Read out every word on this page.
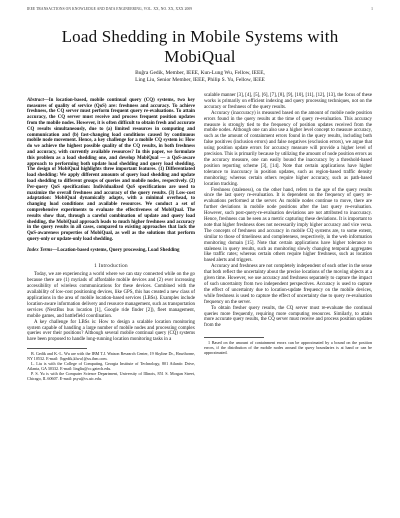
IEEE TRANSACTIONS ON KNOWLEDGE AND DATA ENGINEERING, VOL. XX, NO. XX, XXX 2009	1
Load Shedding in Mobile Systems with MobiQual
Buğra Gedik, Member, IEEE, Kun-Lung Wu, Fellow, IEEE,
Ling Liu, Senior Member, IEEE, Philip S. Yu, Fellow, IEEE

Abstract—In location-based, mobile continual query (CQ) systems, two key measures of quality of service (QoS) are: freshness and accuracy. To achieve freshness, the CQ server must perform frequent query re-evaluations. To attain accuracy, the CQ server must receive and process frequent position updates from the mobile nodes. However, it is often difficult to obtain fresh and accurate CQ results simultaneously, due to (a) limited resources in computing and communication and (b) fast-changing load conditions caused by continuous mobile node movement. Hence, a key challenge for a mobile CQ system is: How do we achieve the highest possible quality of the CQ results, in both freshness and accuracy, with currently available resources? In this paper, we formulate this problem as a load shedding one, and develop MobiQual — a QoS-aware approach to performing both update load shedding and query load shedding. The design of MobiQual highlights three important features. (1) Differentiated load shedding: We apply different amounts of query load shedding and update load shedding to different groups of queries and mobile nodes, respectively. (2) Per-query QoS specification: Individualized QoS specifications are used to maximize the overall freshness and accuracy of the query results. (3) Low-cost adaptation: MobiQual dynamically adapts, with a minimal overhead, to changing load conditions and available resources. We conduct a set of comprehensive experiments to evaluate the effectiveness of MobiQual. The results show that, through a careful combination of update and query load shedding, the MobiQual approach leads to much higher freshness and accuracy in the query results in all cases, compared to existing approaches that lack the QoS-awareness properties of MobiQual, as well as the solutions that perform query-only or update-only load shedding.

Index Terms—Location-based systems, Query processing, Load Shedding

1 Introduction

Today, we are experiencing a world where we can stay connected while on the go because there are (1) myriads of affordable mobile devices and (2) ever increasing accessibility of wireless communications for these devices. Combined with the availability of low-cost positioning devices, like GPS, this has created a new class of applications in the area of mobile location-based services (LBSs). Examples include location-aware information delivery and resource management, such as transportation services (NextBus bus location [1], Google ride finder [2]), fleet management, mobile games, and battlefield coordination.

A key challenge for LBSs is: How to design a scalable location monitoring system capable of handling a large number of mobile nodes and processing complex queries over their positions? Although several mobile continual query (CQ) systems have been proposed to handle long-running location monitoring tasks in a

B. Gedik and K.-L. Wu are with the IBM T.J. Watson Research Center, 19 Skyline Dr., Hawthorne, NY 10532. E-mail: {bgedik,klwu}@us.ibm.com.

L. Liu is with the College of Computing, Georgia Institute of Technology, 801 Atlantic Drive, Atlanta, GA 30332. E-mail: lingliu@cc.gatech.edu.

P. S. Yu is with the Computer Science Department, University of Illinois, 851 S. Morgan Street, Chicago, IL 60607. E-mail: psyu@cs.uic.edu.

scalable manner [3], [4], [5], [6], [7], [8], [9], [10], [11], [12], [13], the focus of these works is primarily on efficient indexing and query processing techniques, not on the accuracy or freshness of the query results.

Accuracy (inaccuracy) is measured based on the amount of mobile node position errors found in the query results at the time of query re-evaluation. This accuracy measure is strongly tied to the frequency of position updates received from the mobile nodes. Although one can also use a higher level concept to measure accuracy, such as the amount of containment errors found in the query results, including both false positives (inclusion errors) and false negatives (exclusion errors), we argue that using position update errors for accuracy measure will provide a higher level of precision. This is primarily because by utilizing the amount of node position errors as the accuracy measure, one can easily bound the inaccuracy by a threshold-based position reporting scheme [3], [14]. Note that certain applications have higher tolerance to inaccuracy in position updates, such as region-based traffic density monitoring; whereas certain others require higher accuracy, such as path-based location tracking.

Freshness (staleness), on the other hand, refers to the age of the query results since the last query re-evaluation. It is dependent on the frequency of query re-evaluations performed at the server. As mobile nodes continue to move, there are further deviations in mobile node positions after the last query re-evaluation. However, such post-query-re-evaluation deviations are not attributed to inaccuracy. Hence, freshness can be seen as a metric capturing these deviations. It is important to note that higher freshness does not necessarily imply higher accuracy and vice versa. The concepts of freshness and accuracy in mobile CQ systems are, to some extent, similar to those of timeliness and completeness, respectively, in the web information monitoring domain [15]. Note that certain applications have higher tolerance to staleness in query results, such as monitoring slowly changing temporal aggregates like traffic rates; whereas certain others require higher freshness, such as location based alerts and triggers.

Accuracy and freshness are not completely independent of each other in the sense that both reflect the uncertainty about the precise locations of the moving objects at a given time. However, we use accuracy and freshness separately to capture the impact of such uncertainty from two independent perspectives. Accuracy is used to capture the effect of uncertainty due to location-update frequency on the mobile devices, while freshness is used to capture the effect of uncertainty due to query re-evaluation frequency on the server.

To obtain fresher query results, the CQ server must re-evaluate the continual queries more frequently, requiring more computing resources. Similarly, to attain more accurate query results, the CQ server must receive and process position updates from the

1 Based on the amount of containment errors can be approximated by a bound on the position errors, if the distribution of the mobile nodes around the query boundaries is at hand or can be approximated.
